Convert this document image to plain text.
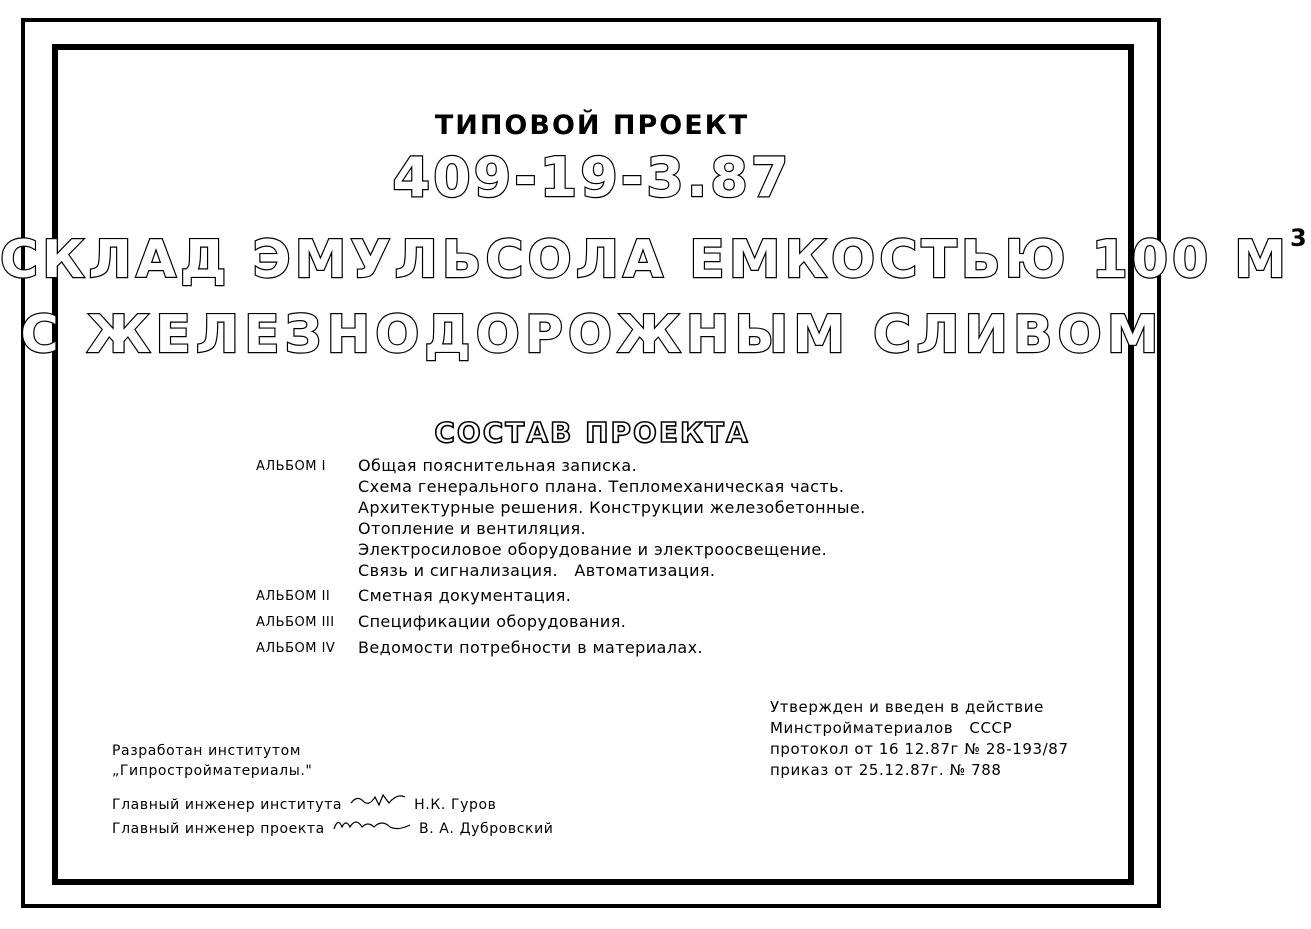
ТИПОВОЙ ПРОЕКТ
409-19-3.87
СКЛАД ЭМУЛЬСОЛА ЕМКОСТЬЮ 100 $М^3$
С ЖЕЛЕЗНОДОРОЖНЫМ СЛИВОМ
СОСТАВ ПРОЕКТА
АЛЬБОМ I	Общая пояснительная записка.
Схема генерального плана. Тепломеханическая часть.
Архитектурные решения. Конструкции железобетонные.
Отопление и вентиляция.
Электросиловое оборудование и электроосвещение.
Связь и сигнализация.   Автоматизация.
АЛЬБОМ II	Сметная документация.
АЛЬБОМ III	Спецификации оборудования.
АЛЬБОМ IV	Ведомости потребности в материалах.
Разработан институтом
„Гипростройматериалы."
Главный инженер института	Н.К. Гуров
Главный инженер проекта	В. А. Дубровский
Утвержден и введен в действие
Минстройматериалов   СССР
протокол от 16 12.87г № 28-193/87
приказ от 25.12.87г. № 788
